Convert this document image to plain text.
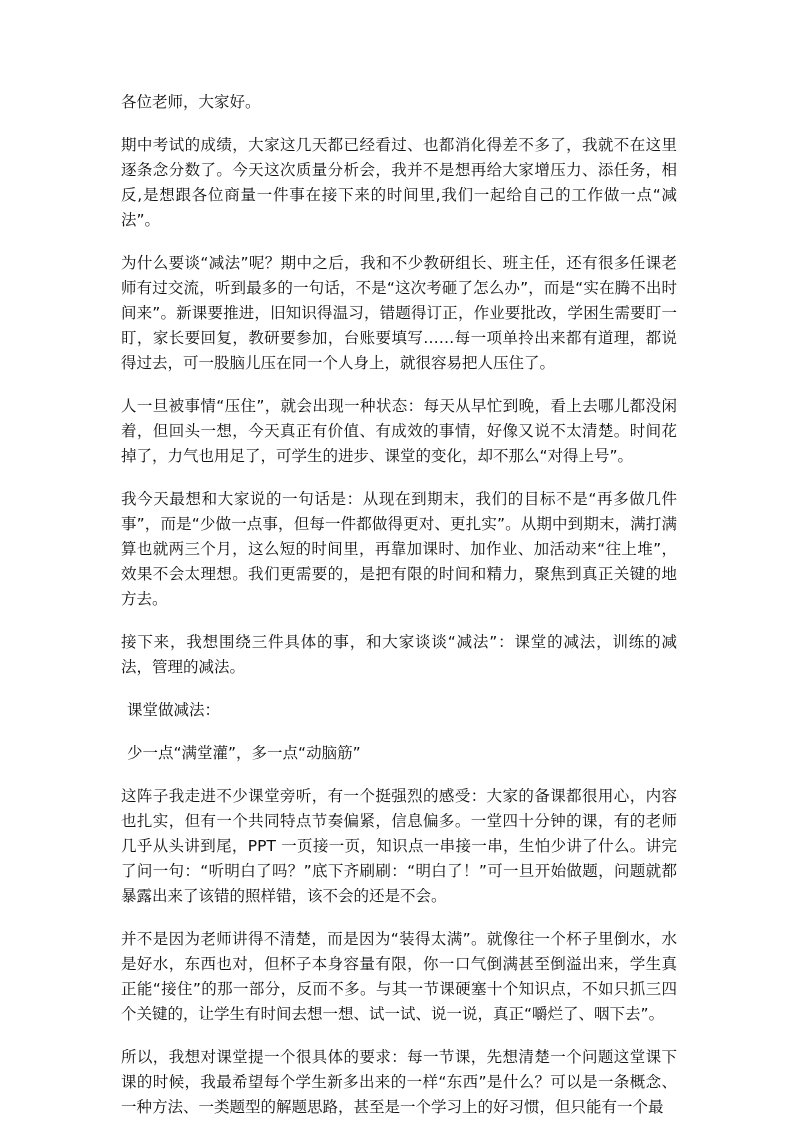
各位老师，大家好。

期中考试的成绩，大家这几天都已经看过、也都消化得差不多了，我就不在这里逐条念分数了。今天这次质量分析会，我并不是想再给大家增压力、添任务，相反,是想跟各位商量一件事在接下来的时间里,我们一起给自己的工作做一点“减法”。

为什么要谈“减法”呢？期中之后，我和不少教研组长、班主任，还有很多任课老师有过交流，听到最多的一句话，不是“这次考砸了怎么办”，而是“实在腾不出时间来”。新课要推进，旧知识得温习，错题得订正，作业要批改，学困生需要盯一盯，家长要回复，教研要参加，台账要填写……每一项单拎出来都有道理，都说得过去，可一股脑儿压在同一个人身上，就很容易把人压住了。

人一旦被事情“压住”，就会出现一种状态：每天从早忙到晚，看上去哪儿都没闲着，但回头一想，今天真正有价值、有成效的事情，好像又说不太清楚。时间花掉了，力气也用足了，可学生的进步、课堂的变化，却不那么“对得上号”。

我今天最想和大家说的一句话是：从现在到期末，我们的目标不是“再多做几件事”，而是“少做一点事，但每一件都做得更对、更扎实”。从期中到期末，满打满算也就两三个月，这么短的时间里，再靠加课时、加作业、加活动来“往上堆”，效果不会太理想。我们更需要的，是把有限的时间和精力，聚焦到真正关键的地方去。

接下来，我想围绕三件具体的事，和大家谈谈“减法”：课堂的减法，训练的减法，管理的减法。

课堂做减法：

少一点“满堂灌”，多一点“动脑筋”

这阵子我走进不少课堂旁听，有一个挺强烈的感受：大家的备课都很用心，内容也扎实，但有一个共同特点节奏偏紧，信息偏多。一堂四十分钟的课，有的老师几乎从头讲到尾，PPT 一页接一页，知识点一串接一串，生怕少讲了什么。讲完了问一句：“听明白了吗？”底下齐刷刷：“明白了！”可一旦开始做题，问题就都暴露出来了该错的照样错，该不会的还是不会。

并不是因为老师讲得不清楚，而是因为“装得太满”。就像往一个杯子里倒水，水是好水，东西也对，但杯子本身容量有限，你一口气倒满甚至倒溢出来，学生真正能“接住”的那一部分，反而不多。与其一节课硬塞十个知识点，不如只抓三四个关键的，让学生有时间去想一想、试一试、说一说，真正“嚼烂了、咽下去”。

所以，我想对课堂提一个很具体的要求：每一节课，先想清楚一个问题这堂课下课的时候，我最希望每个学生新多出来的一样“东西”是什么？可以是一条概念、一种方法、一类题型的解题思路，甚至是一个学习上的好习惯，但只能有一个最
